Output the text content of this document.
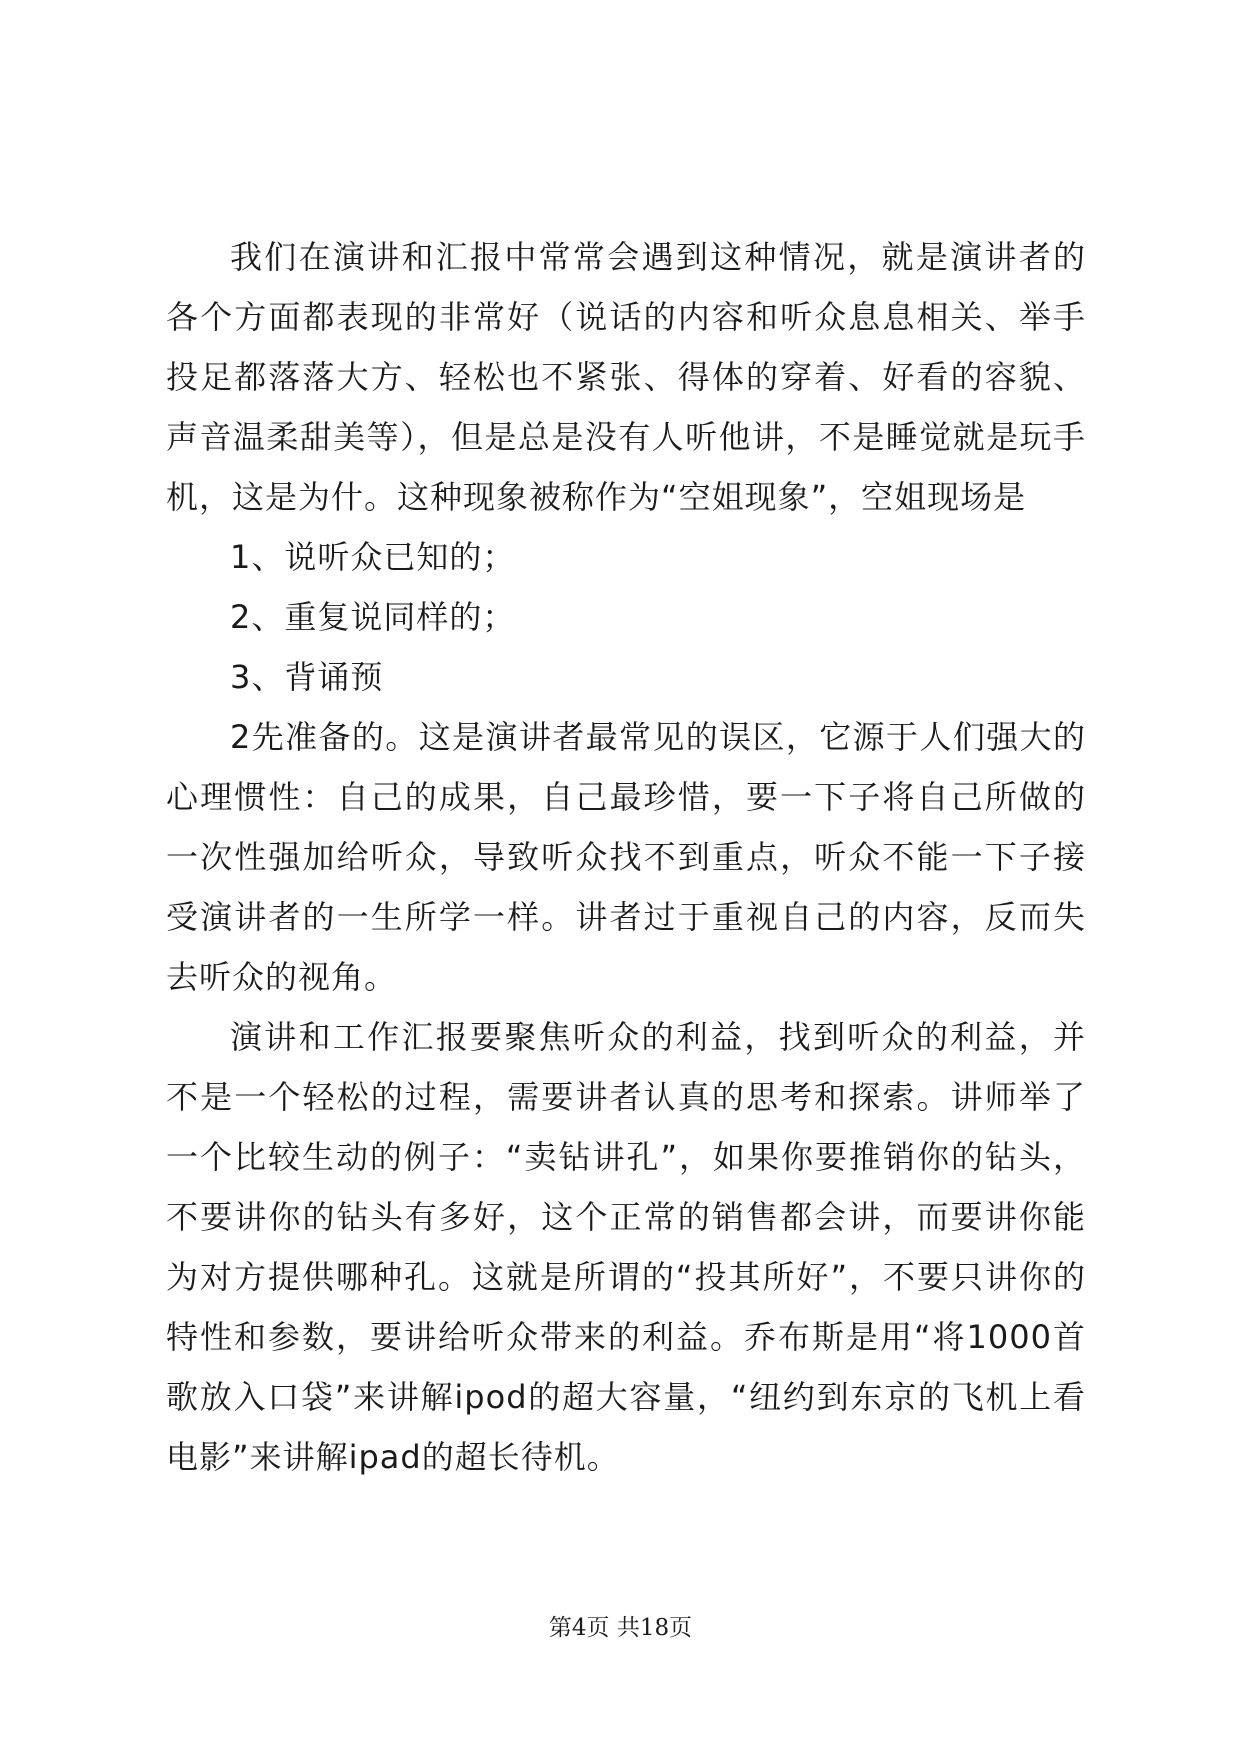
我们在演讲和汇报中常常会遇到这种情况，就是演讲者的各个方面都表现的非常好（说话的内容和听众息息相关、举手投足都落落大方、轻松也不紧张、得体的穿着、好看的容貌、声音温柔甜美等），但是总是没有人听他讲，不是睡觉就是玩手机，这是为什。这种现象被称作为“空姐现象”，空姐现场是

1、说听众已知的；

2、重复说同样的；

3、背诵预

2先准备的。这是演讲者最常见的误区，它源于人们强大的心理惯性：自己的成果，自己最珍惜，要一下子将自己所做的一次性强加给听众，导致听众找不到重点，听众不能一下子接受演讲者的一生所学一样。讲者过于重视自己的内容，反而失去听众的视角。

演讲和工作汇报要聚焦听众的利益，找到听众的利益，并不是一个轻松的过程，需要讲者认真的思考和探索。讲师举了一个比较生动的例子：“卖钻讲孔”，如果你要推销你的钻头，不要讲你的钻头有多好，这个正常的销售都会讲，而要讲你能为对方提供哪种孔。这就是所谓的“投其所好”，不要只讲你的特性和参数，要讲给听众带来的利益。乔布斯是用“将1000首歌放入口袋”来讲解ipod的超大容量，“纽约到东京的飞机上看电影”来讲解ipad的超长待机。

第4页 共18页
